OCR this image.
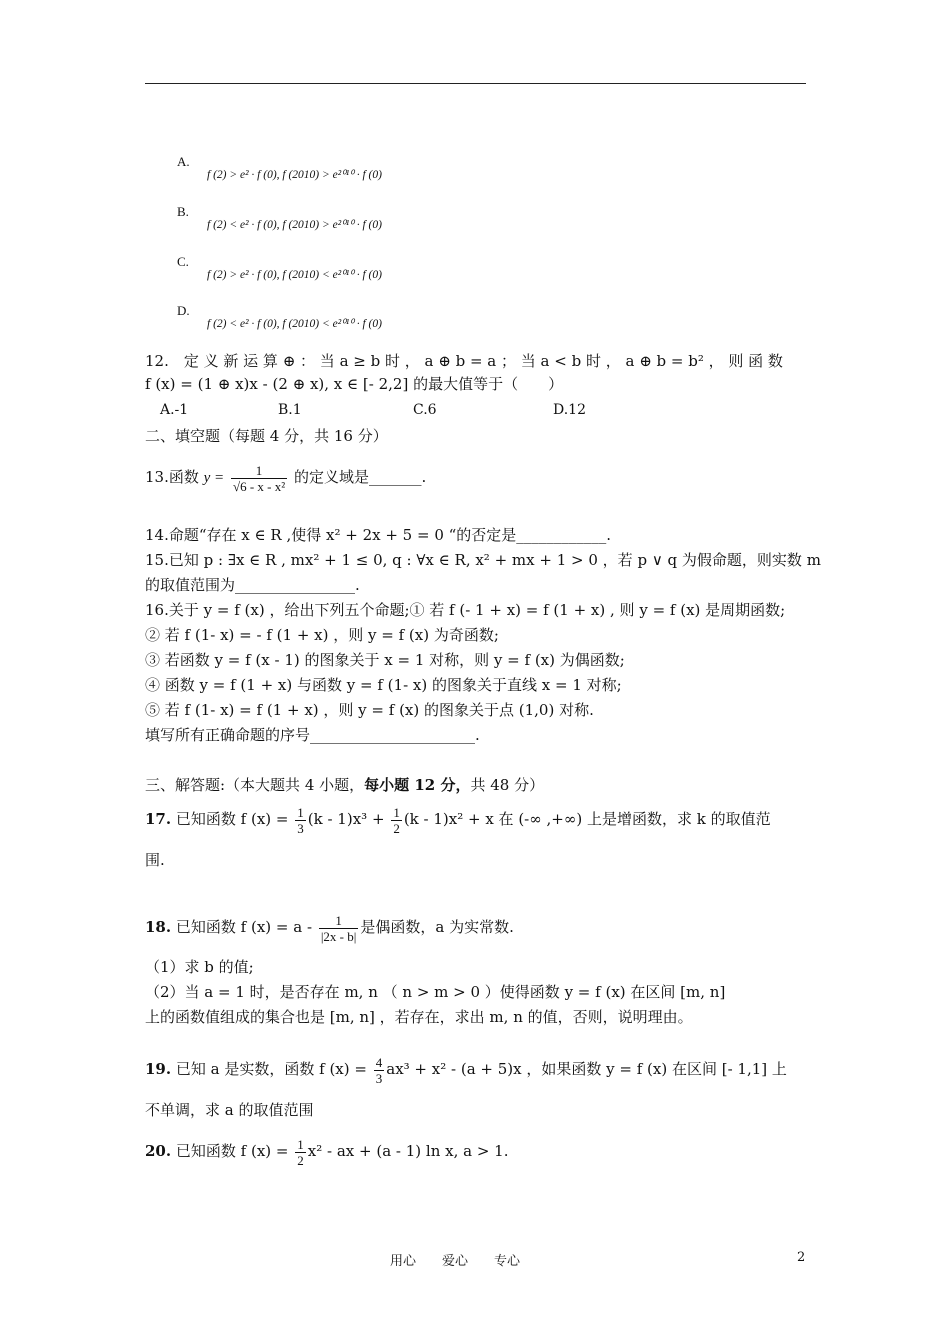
A.
f (2) > e² · f (0), f (2010) > e²⁰¹⁰ · f (0)
B.
f (2) < e² · f (0), f (2010) > e²⁰¹⁰ · f (0)
C.
f (2) > e² · f (0), f (2010) < e²⁰¹⁰ · f (0)
D.
f (2) < e² · f (0), f (2010) < e²⁰¹⁰ · f (0)
12.　定 义 新 运 算 ⊕ ： 当 a ≥ b 时 ， a ⊕ b = a ； 当 a < b 时 ， a ⊕ b = b² ， 则 函 数
f (x) = (1 ⊕ x)x - (2 ⊕ x), x ∈ [- 2,2] 的最大值等于（　　）
A.-1	B.1	C.6	D.12
二、填空题（每题 4 分，共 16 分）
13.函数 $y = \frac{1}{\text{√6 - x - x²}}$ 的定义域是_______.
14.命题“存在 x ∈ R ,使得 x² + 2x + 5 = 0 “的否定是____________.
15.已知 p : ∃x ∈ R , mx² + 1 ≤ 0, q : ∀x ∈ R, x² + mx + 1 > 0 ，若 p ∨ q 为假命题，则实数 m
的取值范围为________________.
16.关于 y = f (x) ，给出下列五个命题;① 若 f (- 1 + x) = f (1 + x) , 则 y = f (x) 是周期函数;
② 若 f (1- x) = - f (1 + x) ，则 y = f (x) 为奇函数;
③ 若函数 y = f (x - 1) 的图象关于 x = 1 对称，则 y = f (x) 为偶函数;
④ 函数 y = f (1 + x) 与函数 y = f (1- x) 的图象关于直线 x = 1 对称;
⑤ 若 f (1- x) = f (1 + x) ，则 y = f (x) 的图象关于点 (1,0) 对称.
填写所有正确命题的序号______________________.
三、解答题:（本大题共 4 小题，每小题 12 分，共 48 分）
17. 已知函数 f $(x) = \frac{1}{3} (k - 1)x^3 + \frac{1}{2} (k - 1)x^2 + x$ 在 (-∞ ,+∞) 上是增函数，求 k 的取值范
围.
18. 已知函数 f $(x) = a - \frac{1}{|2x - b|}$ 是偶函数，a 为实常数.
（1）求 b 的值;
（2）当 a = 1 时，是否存在 m, n （ n > m > 0 ）使得函数 y = f (x) 在区间 [m, n]
上的函数值组成的集合也是 [m, n] ，若存在，求出 m, n 的值，否则，说明理由。
19. 已知 a 是实数，函数 f $(x) = \frac{4}{3} ax^3 + x^2 - (a + 5)x$ ，如果函数 y = f (x) 在区间 [- 1,1] 上
不单调，求 a 的取值范围
20. 已知函数 f $(x) = \frac{1}{2} x^2$ - ax + (a - 1) ln x, a > 1.
用心　　爱心　　专心	2
